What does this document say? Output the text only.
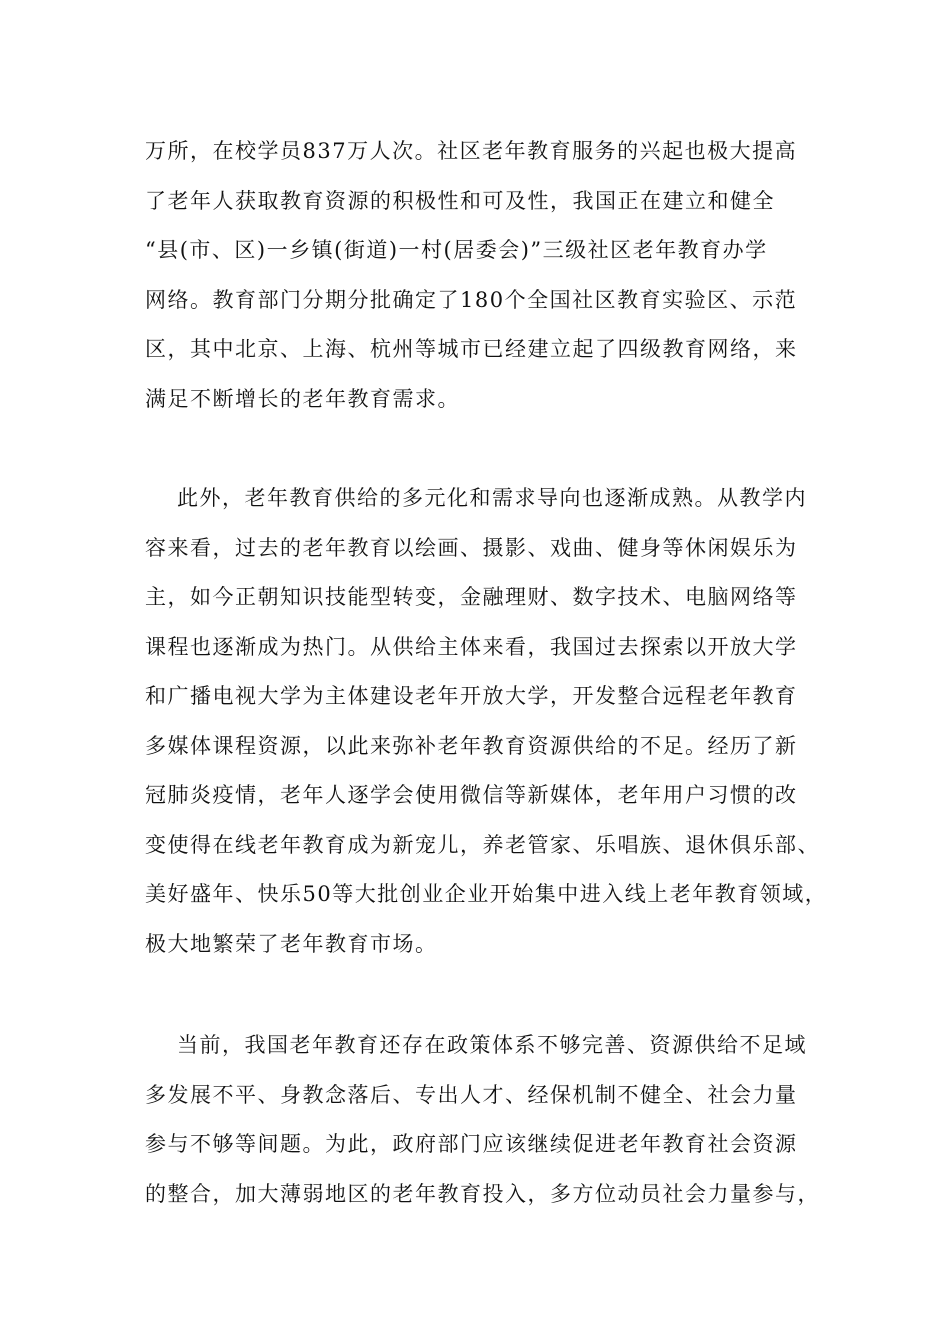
万所，在校学员837万人次。社区老年教育服务的兴起也极大提高
了老年人获取教育资源的积极性和可及性，我国正在建立和健全
“县(市、区)一乡镇(街道)一村(居委会)”三级社区老年教育办学
网络。教育部门分期分批确定了180个全国社区教育实验区、示范
区，其中北京、上海、杭州等城市已经建立起了四级教育网络，来
满足不断增长的老年教育需求。
此外，老年教育供给的多元化和需求导向也逐渐成熟。从教学内
容来看，过去的老年教育以绘画、摄影、戏曲、健身等休闲娱乐为
主，如今正朝知识技能型转变，金融理财、数字技术、电脑网络等
课程也逐渐成为热门。从供给主体来看，我国过去探索以开放大学
和广播电视大学为主体建设老年开放大学，开发整合远程老年教育
多媒体课程资源，以此来弥补老年教育资源供给的不足。经历了新
冠肺炎疫情，老年人逐学会使用微信等新媒体，老年用户习惯的改
变使得在线老年教育成为新宠儿，养老管家、乐唱族、退休俱乐部、
美好盛年、快乐50等大批创业企业开始集中进入线上老年教育领域，
极大地繁荣了老年教育市场。
当前，我国老年教育还存在政策体系不够完善、资源供给不足域
多发展不平、身教念落后、专出人才、经保机制不健全、社会力量
参与不够等间题。为此，政府部门应该继续促进老年教育社会资源
的整合，加大薄弱地区的老年教育投入，多方位动员社会力量参与，
